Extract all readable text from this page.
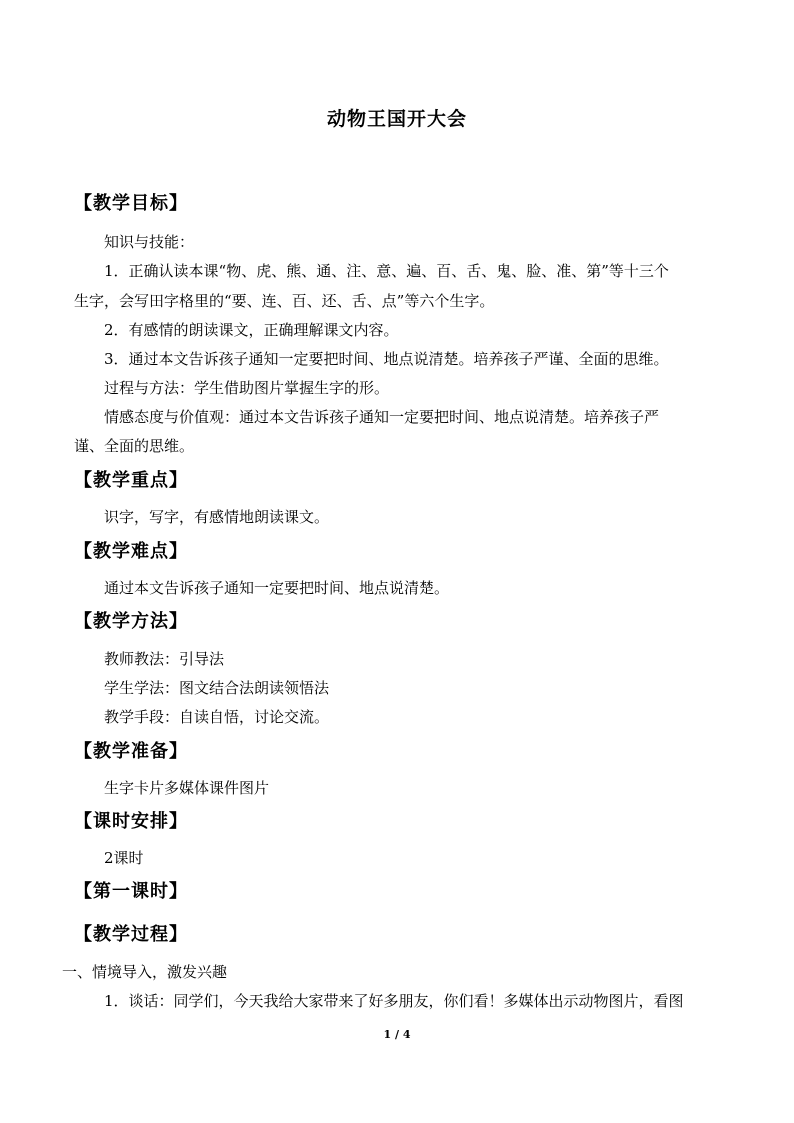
动物王国开大会
【教学目标】
知识与技能：
1．正确认读本课“物、虎、熊、通、注、意、遍、百、舌、鬼、脸、准、第”等十三个
生字，会写田字格里的“要、连、百、还、舌、点”等六个生字。
2．有感情的朗读课文，正确理解课文内容。
3．通过本文告诉孩子通知一定要把时间、地点说清楚。培养孩子严谨、全面的思维。
过程与方法：学生借助图片掌握生字的形。
情感态度与价值观：通过本文告诉孩子通知一定要把时间、地点说清楚。培养孩子严
谨、全面的思维。
【教学重点】
识字，写字，有感情地朗读课文。
【教学难点】
通过本文告诉孩子通知一定要把时间、地点说清楚。
【教学方法】
教师教法：引导法
学生学法：图文结合法朗读领悟法
教学手段：自读自悟，讨论交流。
【教学准备】
生字卡片多媒体课件图片
【课时安排】
2课时
【第一课时】
【教学过程】
一、情境导入，激发兴趣
1．谈话：同学们，今天我给大家带来了好多朋友，你们看！多媒体出示动物图片，看图
1 / 4
